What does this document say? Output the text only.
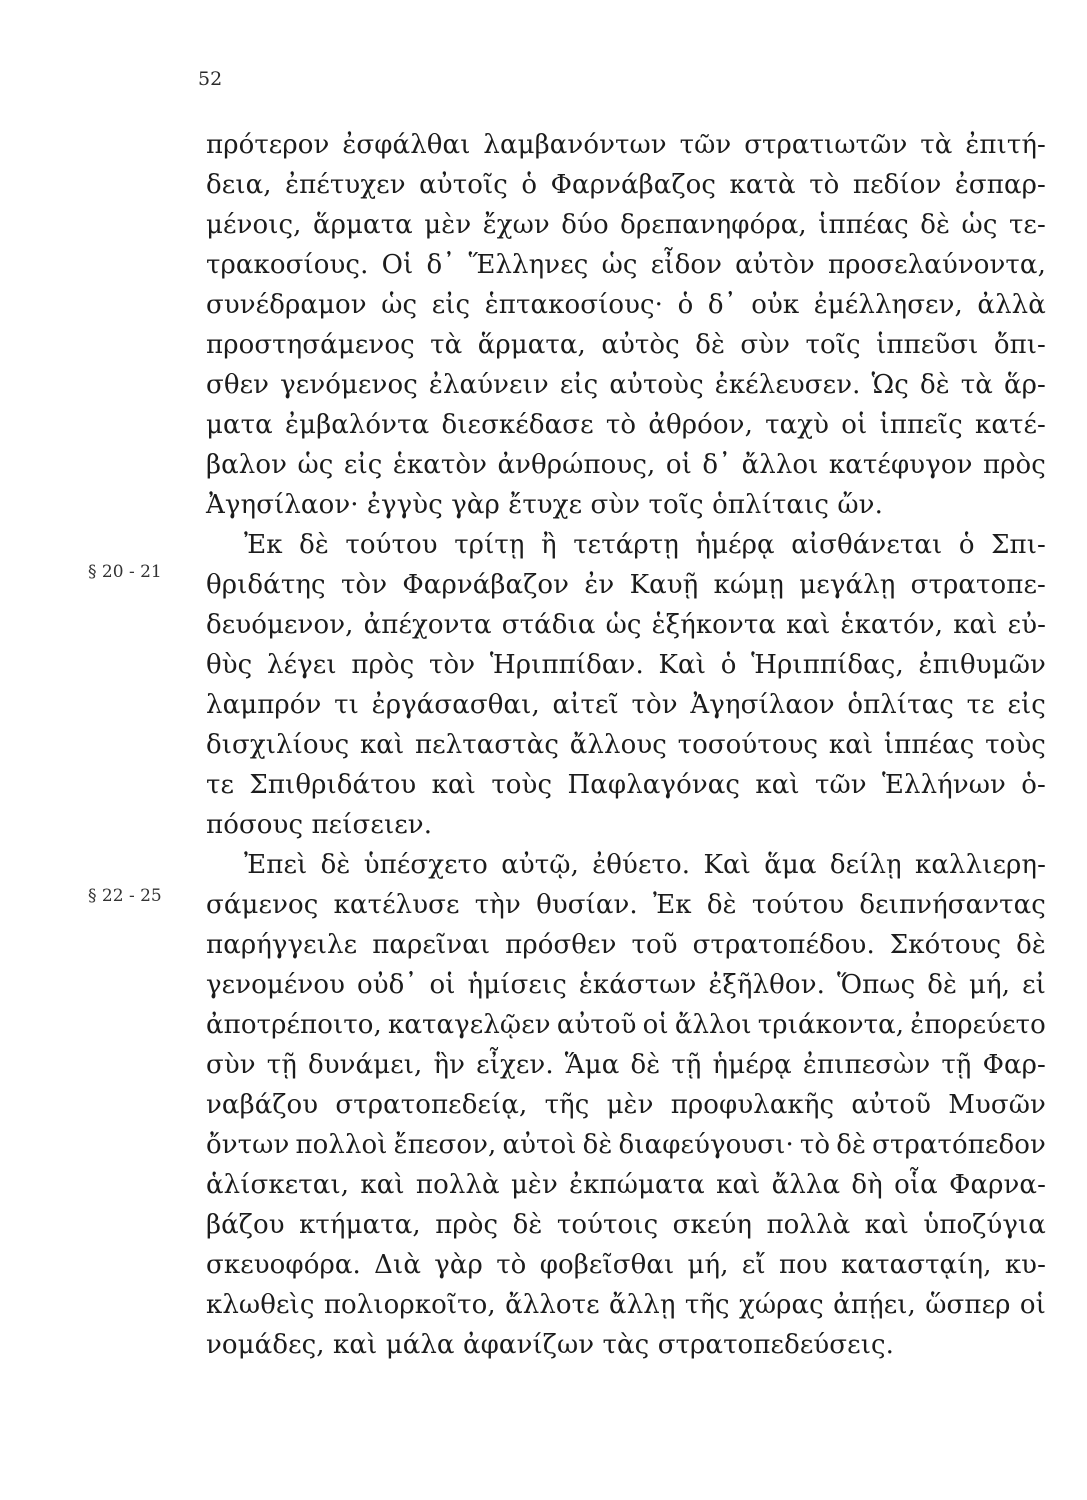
52
§ 20 - 21
§ 22 - 25
πρότερον ἐσφάλθαι λαμβανόντων τῶν στρατιωτῶν τὰ ἐπιτή-
δεια, ἐπέτυχεν αὐτοῖς ὁ Φαρνάβαζος κατὰ τὸ πεδίον ἐσπαρ-
μένοις, ἅρματα μὲν ἔχων δύο δρεπανηφόρα, ἱππέας δὲ ὡς τε-
τρακοσίους. Οἱ δ᾽ Ἕλληνες ὡς εἶδον αὐτὸν προσελαύνοντα,
συνέδραμον ὡς εἰς ἑπτακοσίους· ὁ δ᾽ οὐκ ἐμέλλησεν, ἀλλὰ
προστησάμενος τὰ ἅρματα, αὐτὸς δὲ σὺν τοῖς ἱππεῦσι ὄπι-
σθεν γενόμενος ἐλαύνειν εἰς αὐτοὺς ἐκέλευσεν. Ὡς δὲ τὰ ἅρ-
ματα ἐμβαλόντα διεσκέδασε τὸ ἀθρόον, ταχὺ οἱ ἱππεῖς κατέ-
βαλον ὡς εἰς ἑκατὸν ἀνθρώπους, οἱ δ᾽ ἄλλοι κατέφυγον πρὸς
Ἀγησίλαον· ἐγγὺς γὰρ ἔτυχε σὺν τοῖς ὁπλίταις ὤν.
Ἐκ δὲ τούτου τρίτῃ ἢ τετάρτῃ ἡμέρᾳ αἰσθάνεται ὁ Σπι-
θριδάτης τὸν Φαρνάβαζον ἐν Καυῇ κώμῃ μεγάλῃ στρατοπε-
δευόμενον, ἀπέχοντα στάδια ὡς ἑξήκοντα καὶ ἑκατόν, καὶ εὐ-
θὺς λέγει πρὸς τὸν Ἡριππίδαν. Καὶ ὁ Ἡριππίδας, ἐπιθυμῶν
λαμπρόν τι ἐργάσασθαι, αἰτεῖ τὸν Ἀγησίλαον ὁπλίτας τε εἰς
δισχιλίους καὶ πελταστὰς ἄλλους τοσούτους καὶ ἱππέας τοὺς
τε Σπιθριδάτου καὶ τοὺς Παφλαγόνας καὶ τῶν Ἑλλήνων ὁ-
πόσους πείσειεν.
Ἐπεὶ δὲ ὑπέσχετο αὐτῷ, ἐθύετο. Καὶ ἅμα δείλῃ καλλιερη-
σάμενος κατέλυσε τὴν θυσίαν. Ἐκ δὲ τούτου δειπνήσαντας
παρήγγειλε παρεῖναι πρόσθεν τοῦ στρατοπέδου. Σκότους δὲ
γενομένου οὐδ᾽ οἱ ἡμίσεις ἑκάστων ἐξῆλθον. Ὅπως δὲ μή, εἰ
ἀποτρέποιτο, καταγελῷεν αὐτοῦ οἱ ἄλλοι τριάκοντα, ἐπορεύετο
σὺν τῇ δυνάμει, ἣν εἶχεν. Ἅμα δὲ τῇ ἡμέρᾳ ἐπιπεσὼν τῇ Φαρ-
ναβάζου στρατοπεδείᾳ, τῆς μὲν προφυλακῆς αὐτοῦ Μυσῶν
ὄντων πολλοὶ ἔπεσον, αὐτοὶ δὲ διαφεύγουσι· τὸ δὲ στρατόπεδον
ἁλίσκεται, καὶ πολλὰ μὲν ἐκπώματα καὶ ἄλλα δὴ οἷα Φαρνα-
βάζου κτήματα, πρὸς δὲ τούτοις σκεύη πολλὰ καὶ ὑποζύγια
σκευοφόρα. Διὰ γὰρ τὸ φοβεῖσθαι μή, εἴ που καταστᾳίη, κυ-
κλωθεὶς πολιορκοῖτο, ἄλλοτε ἄλλῃ τῆς χώρας ἀπῄει, ὥσπερ οἱ
νομάδες, καὶ μάλα ἀφανίζων τὰς στρατοπεδεύσεις.
